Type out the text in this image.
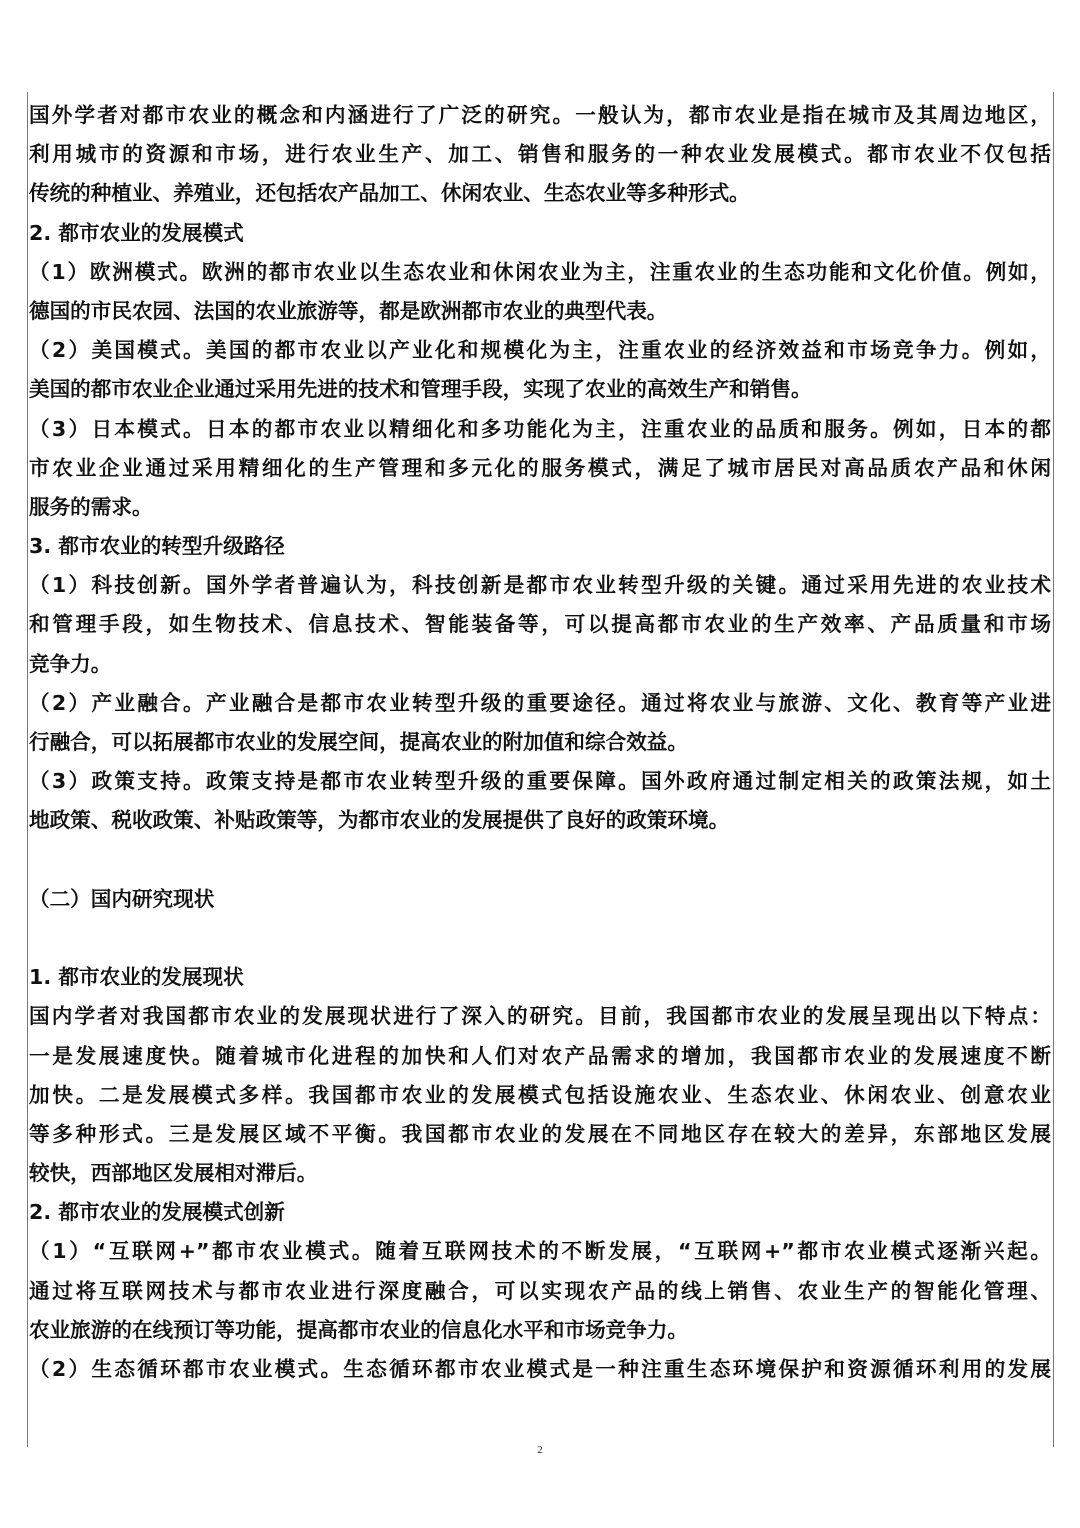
国外学者对都市农业的概念和内涵进行了广泛的研究。一般认为，都市农业是指在城市及其周边地区，
利用城市的资源和市场，进行农业生产、加工、销售和服务的一种农业发展模式。都市农业不仅包括
传统的种植业、养殖业，还包括农产品加工、休闲农业、生态农业等多种形式。
2. 都市农业的发展模式
（1）欧洲模式。欧洲的都市农业以生态农业和休闲农业为主，注重农业的生态功能和文化价值。例如，
德国的市民农园、法国的农业旅游等，都是欧洲都市农业的典型代表。
（2）美国模式。美国的都市农业以产业化和规模化为主，注重农业的经济效益和市场竞争力。例如，
美国的都市农业企业通过采用先进的技术和管理手段，实现了农业的高效生产和销售。
（3）日本模式。日本的都市农业以精细化和多功能化为主，注重农业的品质和服务。例如，日本的都
市农业企业通过采用精细化的生产管理和多元化的服务模式，满足了城市居民对高品质农产品和休闲
服务的需求。
3. 都市农业的转型升级路径
（1）科技创新。国外学者普遍认为，科技创新是都市农业转型升级的关键。通过采用先进的农业技术
和管理手段，如生物技术、信息技术、智能装备等，可以提高都市农业的生产效率、产品质量和市场
竞争力。
（2）产业融合。产业融合是都市农业转型升级的重要途径。通过将农业与旅游、文化、教育等产业进
行融合，可以拓展都市农业的发展空间，提高农业的附加值和综合效益。
（3）政策支持。政策支持是都市农业转型升级的重要保障。国外政府通过制定相关的政策法规，如土
地政策、税收政策、补贴政策等，为都市农业的发展提供了良好的政策环境。
（二）国内研究现状
1. 都市农业的发展现状
国内学者对我国都市农业的发展现状进行了深入的研究。目前，我国都市农业的发展呈现出以下特点：
一是发展速度快。随着城市化进程的加快和人们对农产品需求的增加，我国都市农业的发展速度不断
加快。二是发展模式多样。我国都市农业的发展模式包括设施农业、生态农业、休闲农业、创意农业
等多种形式。三是发展区域不平衡。我国都市农业的发展在不同地区存在较大的差异，东部地区发展
较快，西部地区发展相对滞后。
2. 都市农业的发展模式创新
（1）“互联网+”都市农业模式。随着互联网技术的不断发展，“互联网+”都市农业模式逐渐兴起。
通过将互联网技术与都市农业进行深度融合，可以实现农产品的线上销售、农业生产的智能化管理、
农业旅游的在线预订等功能，提高都市农业的信息化水平和市场竞争力。
（2）生态循环都市农业模式。生态循环都市农业模式是一种注重生态环境保护和资源循环利用的发展
2
